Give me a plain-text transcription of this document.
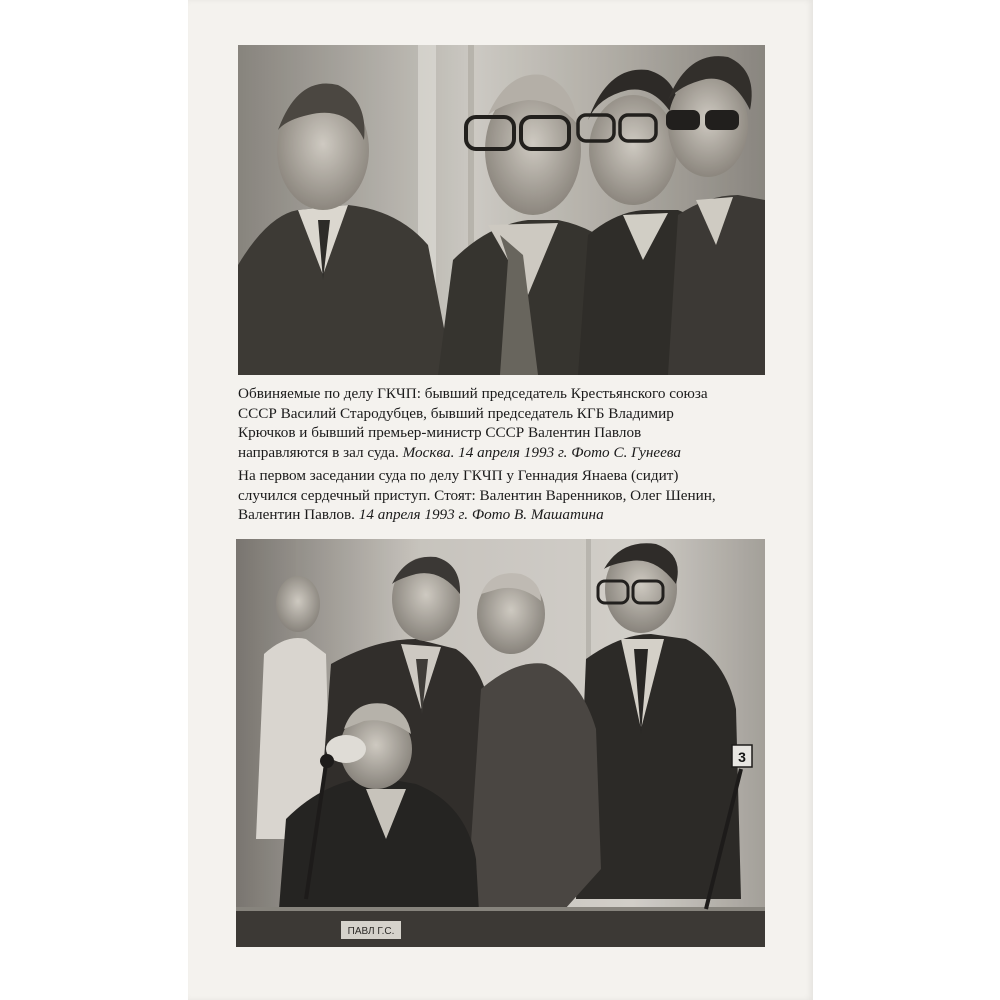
Обвиняемые по делу ГКЧП: бывший председатель Крестьянского союза
СССР Василий Стародубцев, бывший председатель КГБ Владимир
Крючков и бывший премьер-министр СССР Валентин Павлов
направляются в зал суда. Москва. 14 апреля 1993 г. Фото С. Гунеева
На первом заседании суда по делу ГКЧП у Геннадия Янаева (сидит)
случился сердечный приступ. Стоят: Валентин Варенников, Олег Шенин,
Валентин Павлов. 14 апреля 1993 г. Фото В. Машатина
ПАВЛ Г.С.
3
